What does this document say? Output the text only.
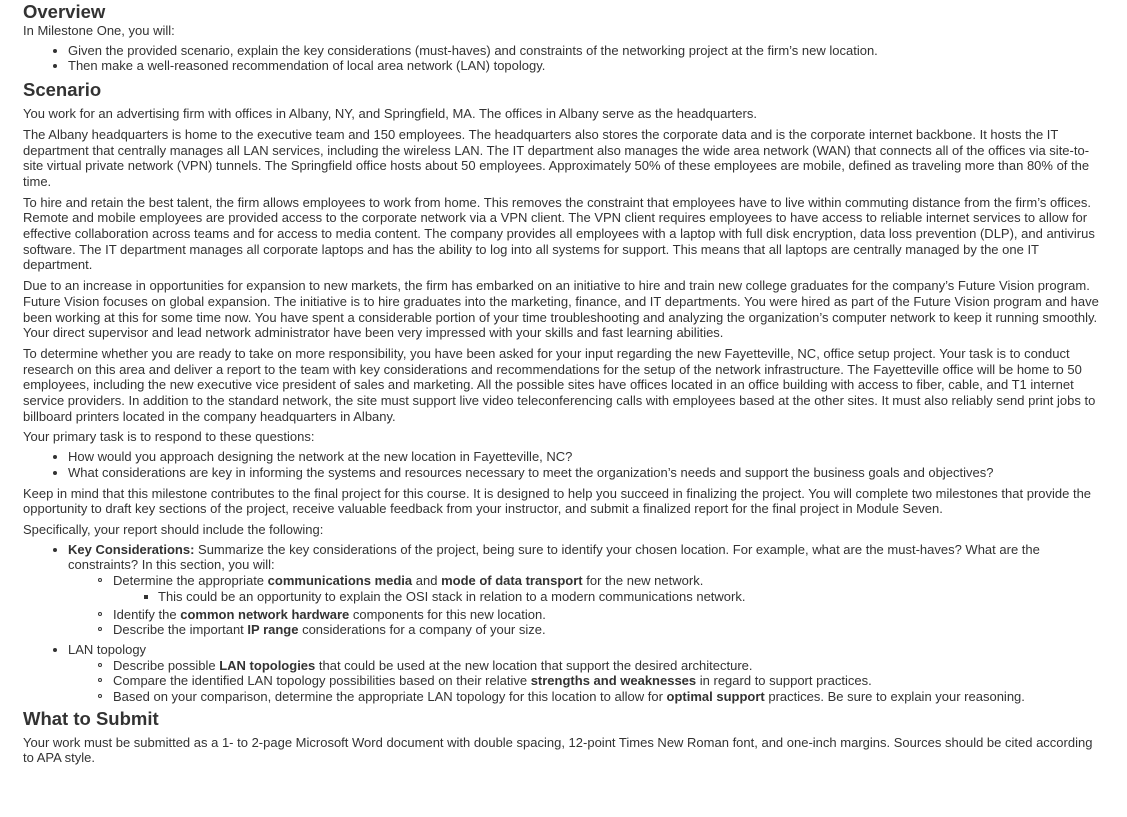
Overview

In Milestone One, you will:

Given the provided scenario, explain the key considerations (must-haves) and constraints of the networking project at the firm’s new location.
Then make a well-reasoned recommendation of local area network (LAN) topology.
Scenario

You work for an advertising firm with offices in Albany, NY, and Springfield, MA. The offices in Albany serve as the headquarters.

The Albany headquarters is home to the executive team and 150 employees. The headquarters also stores the corporate data and is the corporate internet backbone. It hosts the IT department that centrally manages all LAN services, including the wireless LAN. The IT department also manages the wide area network (WAN) that connects all of the offices via site-to-site virtual private network (VPN) tunnels. The Springfield office hosts about 50 employees. Approximately 50% of these employees are mobile, defined as traveling more than 80% of the time.

To hire and retain the best talent, the firm allows employees to work from home. This removes the constraint that employees have to live within commuting distance from the firm’s offices. Remote and mobile employees are provided access to the corporate network via a VPN client. The VPN client requires employees to have access to reliable internet services to allow for effective collaboration across teams and for access to media content. The company provides all employees with a laptop with full disk encryption, data loss prevention (DLP), and antivirus software. The IT department manages all corporate laptops and has the ability to log into all systems for support. This means that all laptops are centrally managed by the one IT department.

Due to an increase in opportunities for expansion to new markets, the firm has embarked on an initiative to hire and train new college graduates for the company’s Future Vision program. Future Vision focuses on global expansion. The initiative is to hire graduates into the marketing, finance, and IT departments. You were hired as part of the Future Vision program and have been working at this for some time now. You have spent a considerable portion of your time troubleshooting and analyzing the organization’s computer network to keep it running smoothly. Your direct supervisor and lead network administrator have been very impressed with your skills and fast learning abilities.

To determine whether you are ready to take on more responsibility, you have been asked for your input regarding the new Fayetteville, NC, office setup project. Your task is to conduct research on this area and deliver a report to the team with key considerations and recommendations for the setup of the network infrastructure. The Fayetteville office will be home to 50 employees, including the new executive vice president of sales and marketing. All the possible sites have offices located in an office building with access to fiber, cable, and T1 internet service providers. In addition to the standard network, the site must support live video teleconferencing calls with employees based at the other sites. It must also reliably send print jobs to billboard printers located in the company headquarters in Albany.

Your primary task is to respond to these questions:

How would you approach designing the network at the new location in Fayetteville, NC?
What considerations are key in informing the systems and resources necessary to meet the organization’s needs and support the business goals and objectives?

Keep in mind that this milestone contributes to the final project for this course. It is designed to help you succeed in finalizing the project. You will complete two milestones that provide the opportunity to draft key sections of the project, receive valuable feedback from your instructor, and submit a finalized report for the final project in Module Seven.

Specifically, your report should include the following:

Key Considerations: Summarize the key considerations of the project, being sure to identify your chosen location. For example, what are the must-haves? What are the constraints? In this section, you will:
Determine the appropriate communications media and mode of data transport for the new network.
This could be an opportunity to explain the OSI stack in relation to a modern communications network.
Identify the common network hardware components for this new location.
Describe the important IP range considerations for a company of your size.
LAN topology
Describe possible LAN topologies that could be used at the new location that support the desired architecture.
Compare the identified LAN topology possibilities based on their relative strengths and weaknesses in regard to support practices.
Based on your comparison, determine the appropriate LAN topology for this location to allow for optimal support practices. Be sure to explain your reasoning.
What to Submit

Your work must be submitted as a 1- to 2-page Microsoft Word document with double spacing, 12-point Times New Roman font, and one-inch margins. Sources should be cited according to APA style.
